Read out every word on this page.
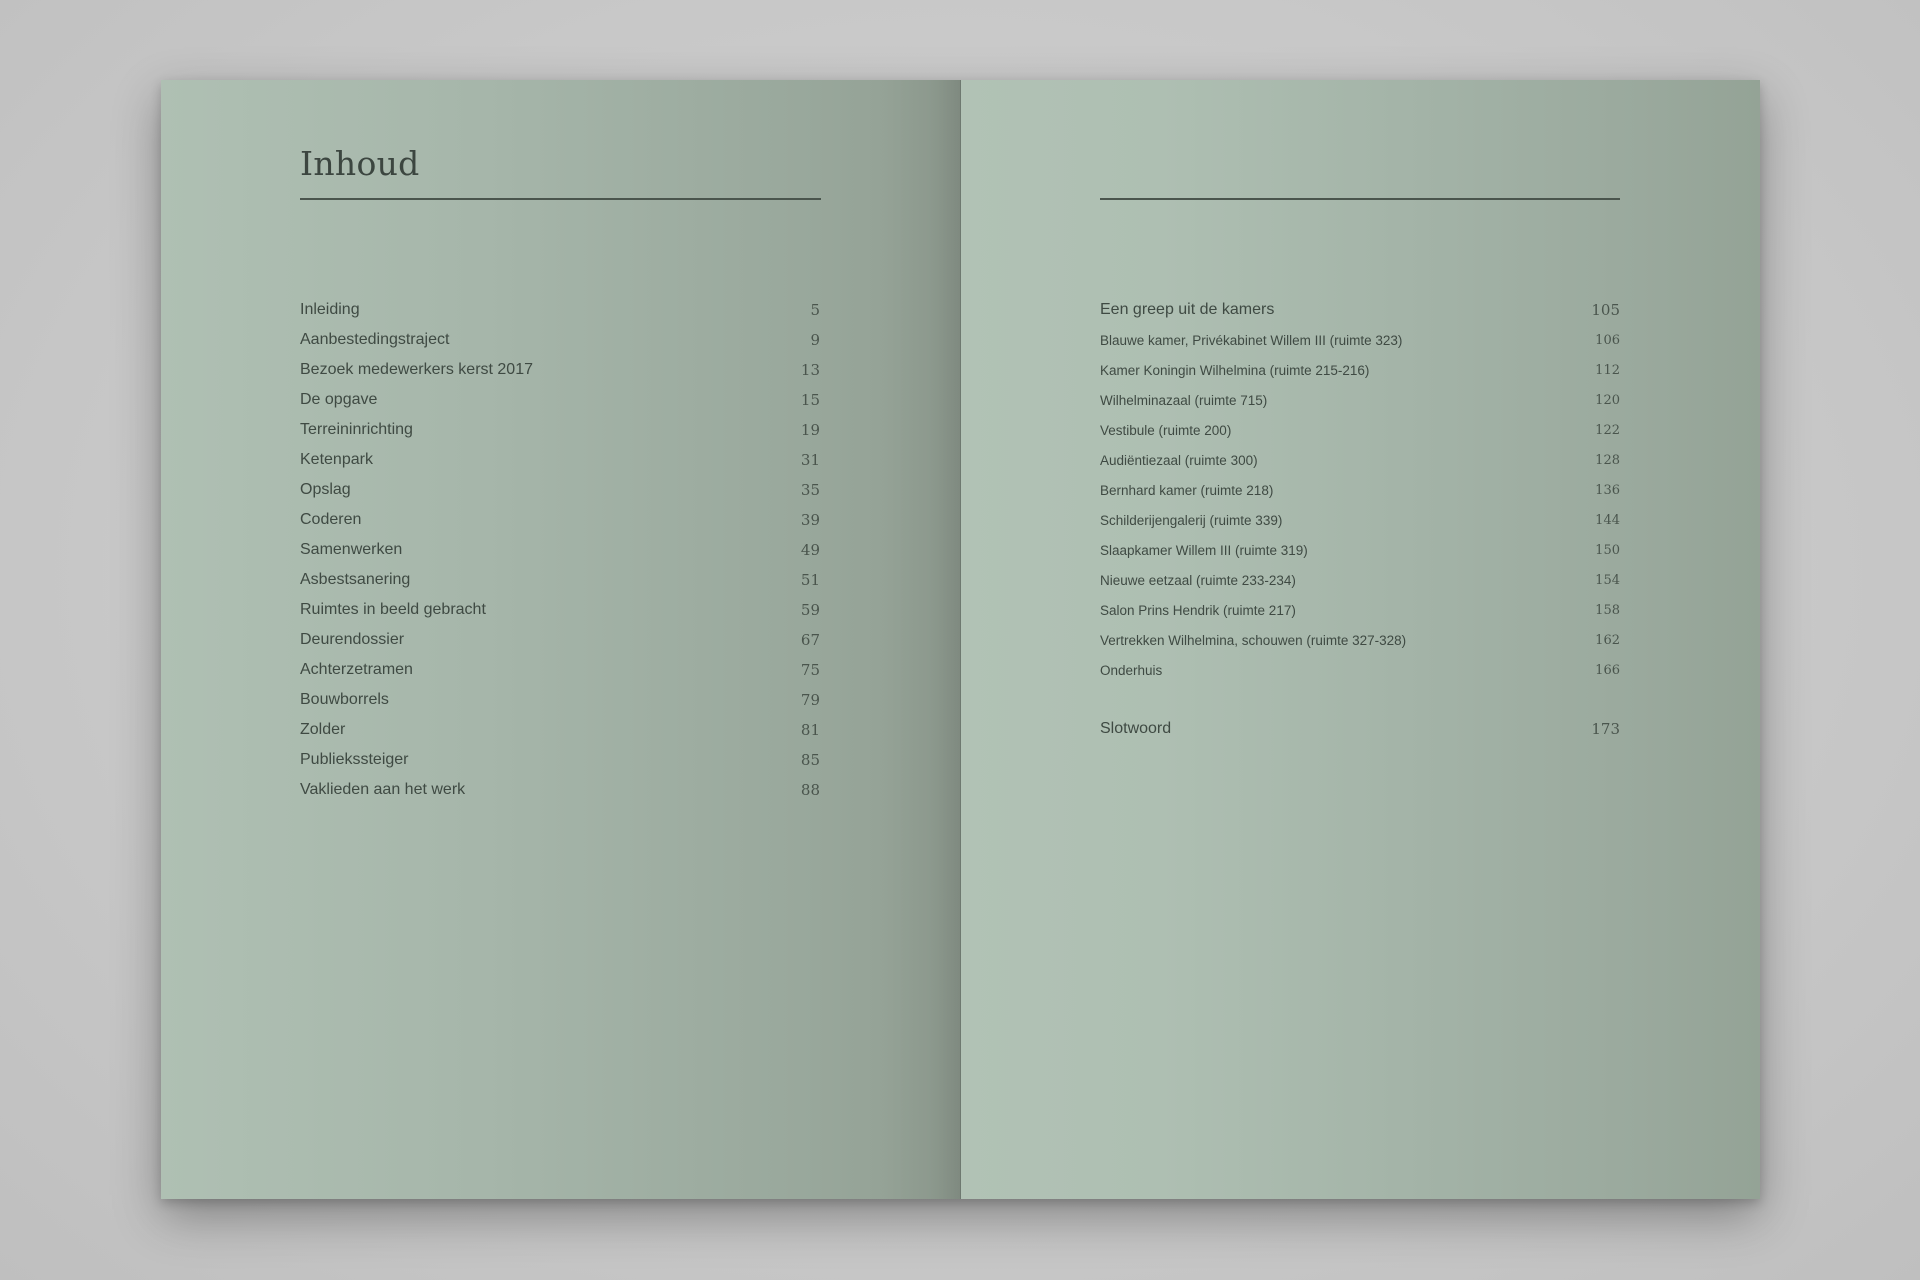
Inhoud
Inleiding	5
Aanbestedingstraject	9
Bezoek medewerkers kerst 2017	13
De opgave	15
Terreininrichting	19
Ketenpark	31
Opslag	35
Coderen	39
Samenwerken	49
Asbestsanering	51
Ruimtes in beeld gebracht	59
Deurendossier	67
Achterzetramen	75
Bouwborrels	79
Zolder	81
Publiekssteiger	85
Vaklieden aan het werk	88
Een greep uit de kamers	105
Blauwe kamer, Privékabinet Willem III (ruimte 323)	106
Kamer Koningin Wilhelmina (ruimte 215-216)	112
Wilhelminazaal (ruimte 715)	120
Vestibule (ruimte 200)	122
Audiëntiezaal (ruimte 300)	128
Bernhard kamer (ruimte 218)	136
Schilderijengalerij (ruimte 339)	144
Slaapkamer Willem III (ruimte 319)	150
Nieuwe eetzaal (ruimte 233-234)	154
Salon Prins Hendrik (ruimte 217)	158
Vertrekken Wilhelmina, schouwen (ruimte 327-328)	162
Onderhuis	166
Slotwoord	173
